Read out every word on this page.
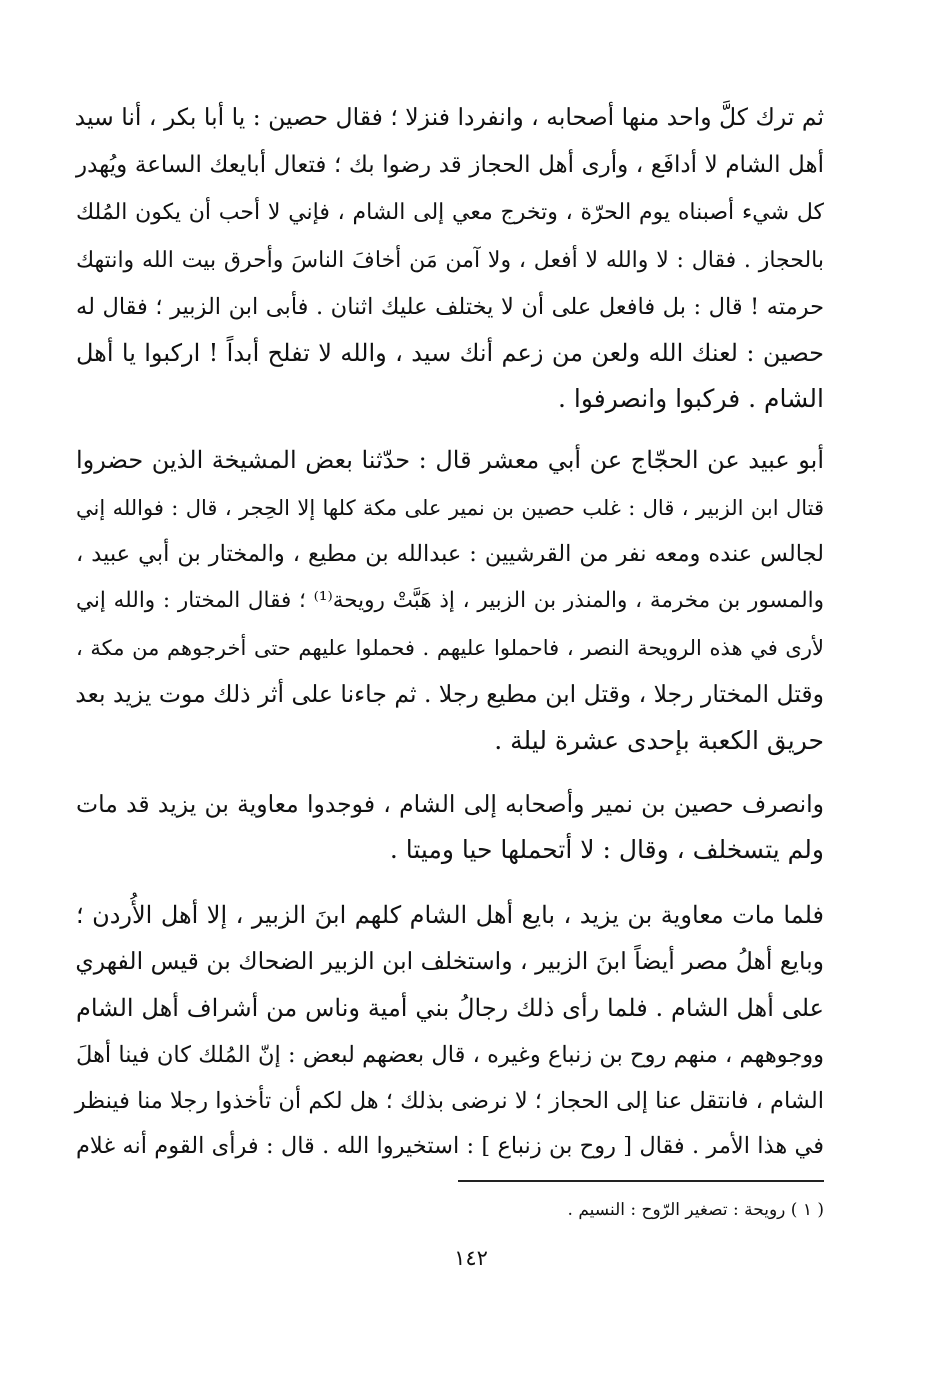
ثم ترك كلَّ واحد منها أصحابه ، وانفردا فنزلا ؛ فقال حصين : يا أبا بكر ، أنا سيد
أهل الشام لا أدافَع ، وأرى أهل الحجاز قد رضوا بك ؛ فتعال أبايعك الساعة ويُهدر
كل شيء أصبناه يوم الحرّة ، وتخرج معي إلى الشام ، فإني لا أحب أن يكون المُلك
بالحجاز . فقال : لا والله لا أفعل ، ولا آمن مَن أخافَ الناسَ وأحرق بيت الله وانتهك
حرمته ! قال : بل فافعل على أن لا يختلف عليك اثنان . فأبى ابن الزبير ؛ فقال له
حصين : لعنك الله ولعن من زعم أنك سيد ، والله لا تفلح أبداً ! اركبوا يا أهل
الشام . فركبوا وانصرفوا .
أبو عبيد عن الحجّاج عن أبي معشر قال : حدّثنا بعض المشيخة الذين حضروا
قتال ابن الزبير ، قال : غلب حصين بن نمير على مكة كلها إلا الحِجر ، قال : فوالله إني
لجالس عنده ومعه نفر من القرشيين : عبدالله بن مطيع ، والمختار بن أبي عبيد ،
والمسور بن مخرمة ، والمنذر بن الزبير ، إذ هَبَّتْ رويحة⁽¹⁾ ؛ فقال المختار : والله إني
لأرى في هذه الرويحة النصر ، فاحملوا عليهم . فحملوا عليهم حتى أخرجوهم من مكة ،
وقتل المختار رجلا ، وقتل ابن مطيع رجلا . ثم جاءنا على أثر ذلك موت يزيد بعد
حريق الكعبة بإحدى عشرة ليلة .
وانصرف حصين بن نمير وأصحابه إلى الشام ، فوجدوا معاوية بن يزيد قد مات
ولم يتسخلف ، وقال : لا أتحملها حيا وميتا .
فلما مات معاوية بن يزيد ، بايع أهل الشام كلهم ابنَ الزبير ، إلا أهل الأُردن ؛
وبايع أهلُ مصر أيضاً ابنَ الزبير ، واستخلف ابن الزبير الضحاك بن قيس الفهري
على أهل الشام . فلما رأى ذلك رجالُ بني أمية وناس من أشراف أهل الشام
ووجوههم ، منهم روح بن زنباع وغيره ، قال بعضهم لبعض : إنّ المُلك كان فينا أهلَ
الشام ، فانتقل عنا إلى الحجاز ؛ لا نرضى بذلك ؛ هل لكم أن تأخذوا رجلا منا فينظر
في هذا الأمر . فقال [ روح بن زنباع ] : استخيروا الله . قال : فرأى القوم أنه غلام
( ١ ) رويحة : تصغير الرّوح : النسيم .
١٤٢
